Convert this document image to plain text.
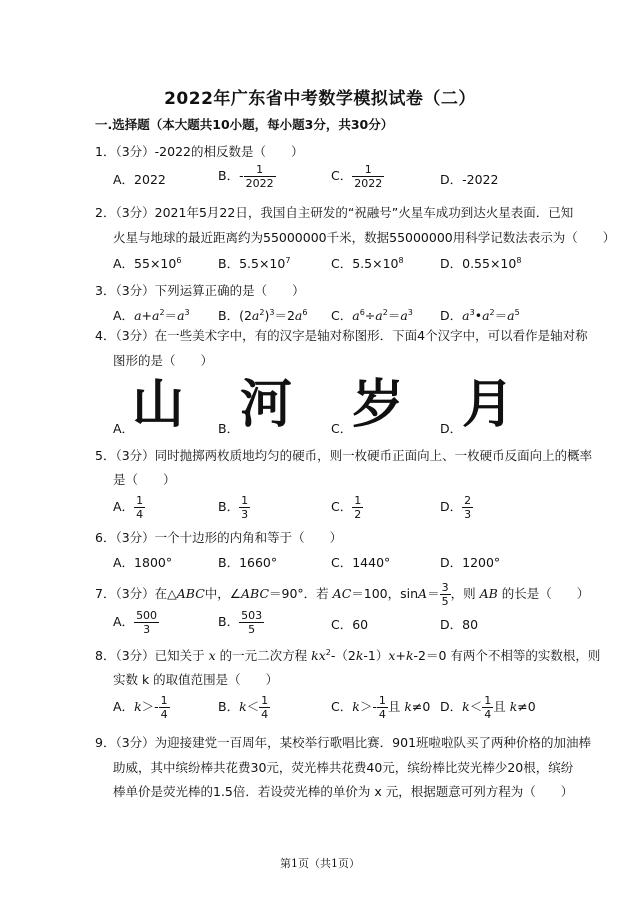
2022年广东省中考数学模拟试卷（二）
一.选择题（本大题共10小题，每小题3分，共30分）
1．（3分）-2022的相反数是（　　）
A．2022	B．- $\frac{1}{2022}$	C． $\frac{1}{2022}$	D．-2022
2．（3分）2021年5月22日，我国自主研发的“祝融号”火星车成功到达火星表面．已知
火星与地球的最近距离约为55000000千米，数据55000000用科学记数法表示为（　　）
A．$55\times 10^6$	B．$5.5\times 10^7$	C．$5.5\times 10^8$	D．$0.55\times 10^8$
3．（3分）下列运算正确的是（　　）
A．$a+a^2=a^3$ B．$(2a^2)^3=2a^6$ C．$a^6\div a^2=a^3$ D．$a^3•a^2=a^5$
4．（3分）在一些美术字中，有的汉字是轴对称图形．下面4个汉字中，可以看作是轴对称
图形的是（　　）
A．
山	B． 河	C． 岁	D． 月
5．（3分）同时抛掷两枚质地均匀的硬币，则一枚硬币正面向上、一枚硬币反面向上的概率
是（　　）
A． $\frac{1}{4}$	B． $\frac{1}{3}$	C． $\frac{1}{2}$	D． $\frac{2}{3}$
6．（3分）一个十边形的内角和等于（　　）
A．1800°	B．1660°	C．1440°	D．1200°
7．（3分）在△ABC中，∠ABC＝90°．若 AC＝100，$\sin A= \frac{3}{5}$ ，则 AB 的长是（　　）
A． $\frac{500}{3}$	B． $\frac{503}{5}$	C．60	D．80
8．（3分）已知关于 x 的一元二次方程 $kx^2-(2k-1)x+k-2=0$ 有两个不相等的实数根，则
实数 k 的取值范围是（　　）
A．$k>- \frac{1}{4}$	B．$k< \frac{1}{4}$	C．$k>- \frac{1}{4}$ 且 k≠0 D．$k< \frac{1}{4}$ 且 k≠0
9．（3分）为迎接建党一百周年，某校举行歌唱比赛．901班啦啦队买了两种价格的加油棒
助威，其中缤纷棒共花费30元，荧光棒共花费40元，缤纷棒比荧光棒少20根，缤纷
棒单价是荧光棒的1.5倍．若设荧光棒的单价为 x 元，根据题意可列方程为（　　）
第1页（共1页）
